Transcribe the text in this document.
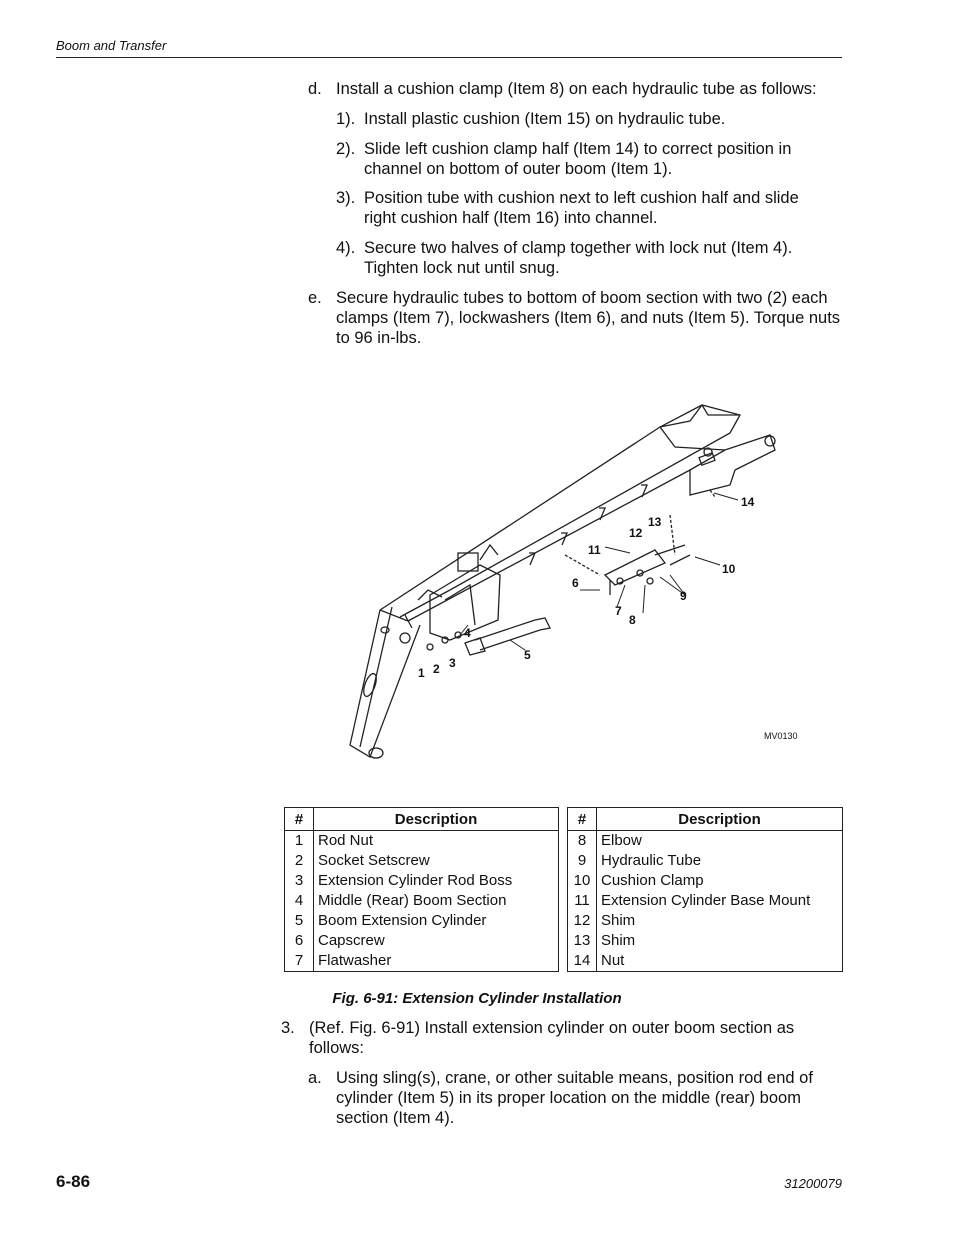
Boom and Transfer
d. Install a cushion clamp (Item 8) on each hydraulic tube as follows:
1). Install plastic cushion (Item 15) on hydraulic tube.
2). Slide left cushion clamp half (Item 14) to correct position in channel on bottom of outer boom (Item 1).
3). Position tube with cushion next to left cushion half and slide right cushion half (Item 16) into channel.
4). Secure two halves of clamp together with lock nut (Item 4). Tighten lock nut until snug.
e. Secure hydraulic tubes to bottom of boom section with two (2) each clamps (Item 7), lockwashers (Item 6), and nuts (Item 5). Torque nuts to 96 in-lbs.
1 2 3
4
5
6
7
8
9
10
11
12
13
14
MV0130
#	Description
1	Rod Nut
2	Socket Setscrew
3	Extension Cylinder Rod Boss
4	Middle (Rear) Boom Section
5	Boom Extension Cylinder
6	Capscrew
7	Flatwasher
#	Description
8	Elbow
9	Hydraulic Tube
10	Cushion Clamp
11	Extension Cylinder Base Mount
12	Shim
13	Shim
14	Nut
Fig. 6-91: Extension Cylinder Installation
3. (Ref. Fig. 6-91) Install extension cylinder on outer boom section as follows:
a. Using sling(s), crane, or other suitable means, position rod end of cylinder (Item 5) in its proper location on the middle (rear) boom section (Item 4).
6-86	31200079
